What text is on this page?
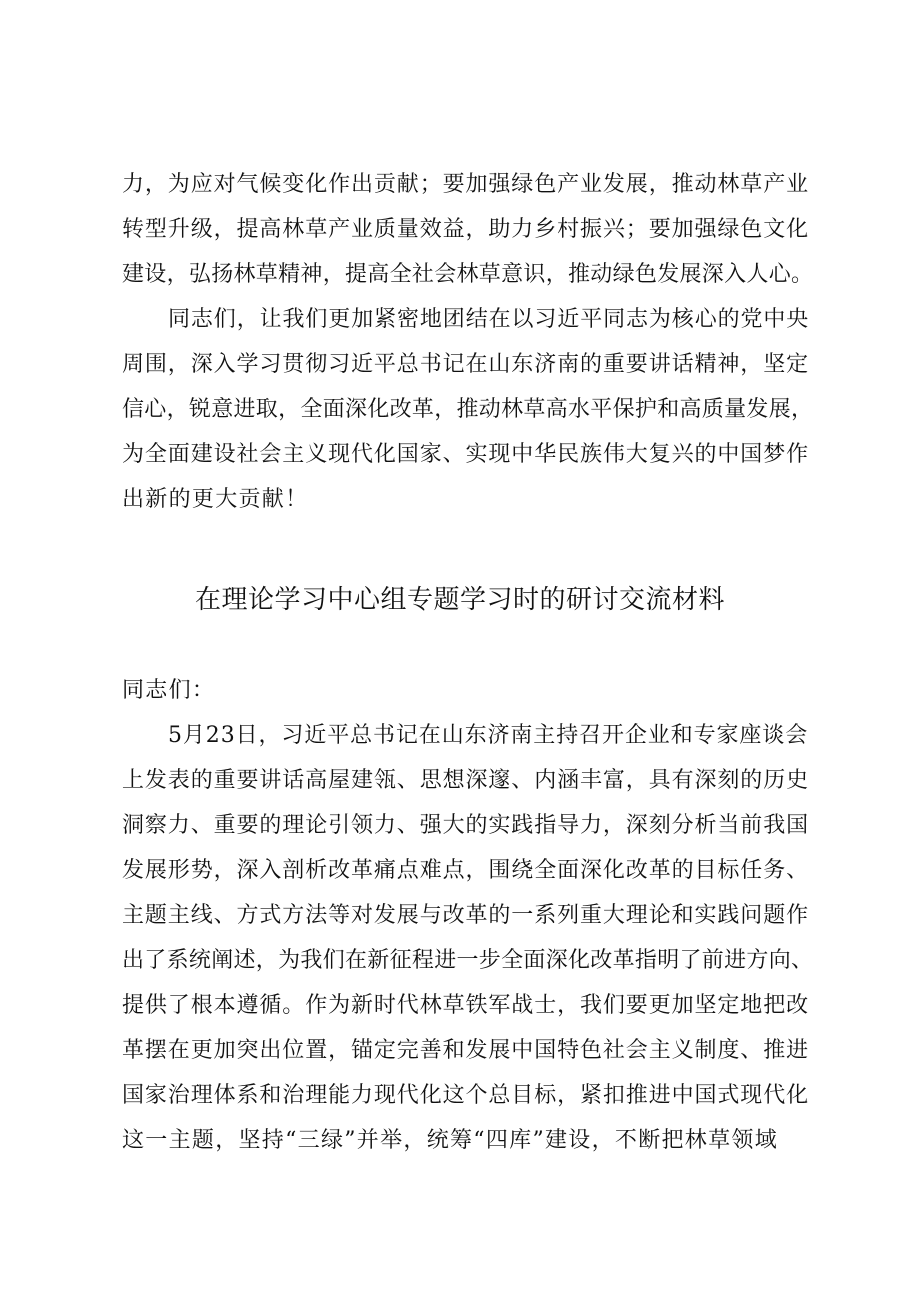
力，为应对气候变化作出贡献；要加强绿色产业发展，推动林草产业
转型升级，提高林草产业质量效益，助力乡村振兴；要加强绿色文化
建设，弘扬林草精神，提高全社会林草意识，推动绿色发展深入人心。
同志们，让我们更加紧密地团结在以习近平同志为核心的党中央
周围，深入学习贯彻习近平总书记在山东济南的重要讲话精神，坚定
信心，锐意进取，全面深化改革，推动林草高水平保护和高质量发展，
为全面建设社会主义现代化国家、实现中华民族伟大复兴的中国梦作
出新的更大贡献！
在理论学习中心组专题学习时的研讨交流材料
同志们：
5月23日，习近平总书记在山东济南主持召开企业和专家座谈会
上发表的重要讲话高屋建瓴、思想深邃、内涵丰富，具有深刻的历史
洞察力、重要的理论引领力、强大的实践指导力，深刻分析当前我国
发展形势，深入剖析改革痛点难点，围绕全面深化改革的目标任务、
主题主线、方式方法等对发展与改革的一系列重大理论和实践问题作
出了系统阐述，为我们在新征程进一步全面深化改革指明了前进方向、
提供了根本遵循。作为新时代林草铁军战士，我们要更加坚定地把改
革摆在更加突出位置，锚定完善和发展中国特色社会主义制度、推进
国家治理体系和治理能力现代化这个总目标，紧扣推进中国式现代化
这一主题，坚持“三绿”并举，统筹“四库”建设，不断把林草领域
